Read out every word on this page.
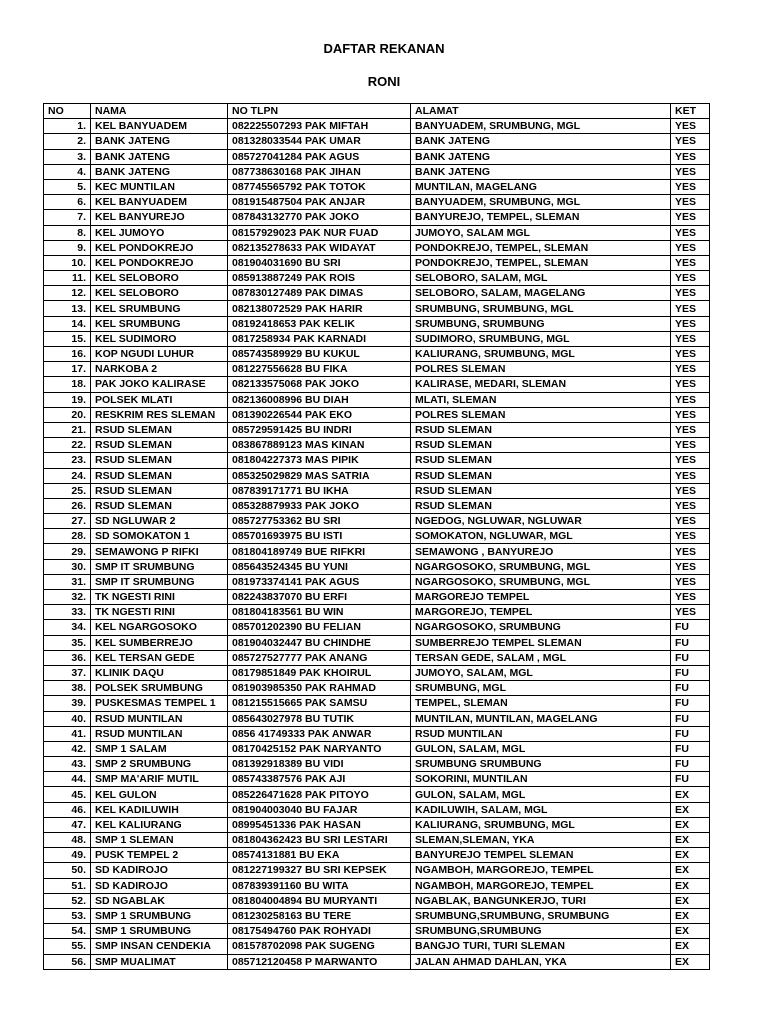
DAFTAR REKANAN
RONI
NO	NAMA	NO TLPN	ALAMAT	KET
1.	KEL BANYUADEM	082225507293 PAK MIFTAH	BANYUADEM, SRUMBUNG, MGL	YES
2.	BANK JATENG	081328033544 PAK UMAR	BANK JATENG	YES
3.	BANK JATENG	085727041284 PAK AGUS	BANK JATENG	YES
4.	BANK JATENG	087738630168 PAK JIHAN	BANK JATENG	YES
5.	KEC MUNTILAN	087745565792 PAK TOTOK	MUNTILAN, MAGELANG	YES
6.	KEL BANYUADEM	081915487504 PAK ANJAR	BANYUADEM, SRUMBUNG, MGL	YES
7.	KEL BANYUREJO	087843132770 PAK JOKO	BANYUREJO, TEMPEL, SLEMAN	YES
8.	KEL JUMOYO	08157929023 PAK NUR FUAD	JUMOYO, SALAM MGL	YES
9.	KEL PONDOKREJO	082135278633 PAK WIDAYAT	PONDOKREJO, TEMPEL, SLEMAN	YES
10.	KEL PONDOKREJO	081904031690 BU SRI	PONDOKREJO, TEMPEL, SLEMAN	YES
11.	KEL SELOBORO	085913887249 PAK ROIS	SELOBORO, SALAM, MGL	YES
12.	KEL SELOBORO	087830127489 PAK DIMAS	SELOBORO, SALAM, MAGELANG	YES
13.	KEL SRUMBUNG	082138072529 PAK HARIR	SRUMBUNG, SRUMBUNG, MGL	YES
14.	KEL SRUMBUNG	08192418653 PAK KELIK	SRUMBUNG, SRUMBUNG	YES
15.	KEL SUDIMORO	0817258934 PAK KARNADI	SUDIMORO, SRUMBUNG, MGL	YES
16.	KOP NGUDI LUHUR	085743589929 BU KUKUL	KALIURANG, SRUMBUNG, MGL	YES
17.	NARKOBA 2	081227556628 BU FIKA	POLRES SLEMAN	YES
18.	PAK JOKO KALIRASE	082133575068 PAK JOKO	KALIRASE, MEDARI, SLEMAN	YES
19.	POLSEK MLATI	082136008996 BU DIAH	MLATI, SLEMAN	YES
20.	RESKRIM RES SLEMAN	081390226544 PAK EKO	POLRES SLEMAN	YES
21.	RSUD SLEMAN	085729591425 BU INDRI	RSUD SLEMAN	YES
22.	RSUD SLEMAN	083867889123 MAS KINAN	RSUD SLEMAN	YES
23.	RSUD SLEMAN	081804227373 MAS PIPIK	RSUD SLEMAN	YES
24.	RSUD SLEMAN	085325029829 MAS SATRIA	RSUD SLEMAN	YES
25.	RSUD SLEMAN	087839171771 BU IKHA	RSUD SLEMAN	YES
26.	RSUD SLEMAN	085328879933 PAK JOKO	RSUD SLEMAN	YES
27.	SD NGLUWAR 2	085727753362 BU SRI	NGEDOG, NGLUWAR, NGLUWAR	YES
28.	SD SOMOKATON 1	085701693975 BU ISTI	SOMOKATON, NGLUWAR, MGL	YES
29.	SEMAWONG P RIFKI	081804189749 BUE RIFKRI	SEMAWONG , BANYUREJO	YES
30.	SMP IT SRUMBUNG	085643524345 BU YUNI	NGARGOSOKO, SRUMBUNG, MGL	YES
31.	SMP IT SRUMBUNG	081973374141 PAK AGUS	NGARGOSOKO, SRUMBUNG, MGL	YES
32.	TK NGESTI RINI	082243837070 BU ERFI	MARGOREJO TEMPEL	YES
33.	TK NGESTI RINI	081804183561 BU WIN	MARGOREJO, TEMPEL	YES
34.	KEL NGARGOSOKO	085701202390 BU FELIAN	NGARGOSOKO, SRUMBUNG	FU
35.	KEL SUMBERREJO	081904032447 BU CHINDHE	SUMBERREJO TEMPEL SLEMAN	FU
36.	KEL TERSAN GEDE	085727527777 PAK ANANG	TERSAN GEDE, SALAM , MGL	FU
37.	KLINIK DAQU	08179851849 PAK KHOIRUL	JUMOYO, SALAM, MGL	FU
38.	POLSEK SRUMBUNG	081903985350 PAK RAHMAD	SRUMBUNG, MGL	FU
39.	PUSKESMAS TEMPEL 1	081215515665 PAK SAMSU	TEMPEL, SLEMAN	FU
40.	RSUD MUNTILAN	085643027978 BU TUTIK	MUNTILAN, MUNTILAN, MAGELANG	FU
41.	RSUD MUNTILAN	0856 41749333 PAK ANWAR	RSUD MUNTILAN	FU
42.	SMP 1 SALAM	08170425152 PAK NARYANTO	GULON, SALAM, MGL	FU
43.	SMP 2 SRUMBUNG	081392918389 BU VIDI	SRUMBUNG SRUMBUNG	FU
44.	SMP MA'ARIF MUTIL	085743387576 PAK AJI	SOKORINI, MUNTILAN	FU
45.	KEL GULON	085226471628 PAK PITOYO	GULON, SALAM, MGL	EX
46.	KEL KADILUWIH	081904003040 BU FAJAR	KADILUWIH, SALAM, MGL	EX
47.	KEL KALIURANG	08995451336 PAK HASAN	KALIURANG, SRUMBUNG, MGL	EX
48.	SMP 1 SLEMAN	081804362423 BU SRI LESTARI	SLEMAN,SLEMAN, YKA	EX
49.	PUSK TEMPEL 2	08574131881 BU EKA	BANYUREJO TEMPEL SLEMAN	EX
50.	SD KADIROJO	081227199327 BU SRI KEPSEK	NGAMBOH, MARGOREJO, TEMPEL	EX
51.	SD KADIROJO	087839391160 BU WITA	NGAMBOH, MARGOREJO, TEMPEL	EX
52.	SD NGABLAK	081804004894 BU MURYANTI	NGABLAK, BANGUNKERJO, TURI	EX
53.	SMP 1 SRUMBUNG	081230258163 BU TERE	SRUMBUNG,SRUMBUNG, SRUMBUNG	EX
54.	SMP 1 SRUMBUNG	08175494760 PAK ROHYADI	SRUMBUNG,SRUMBUNG	EX
55.	SMP INSAN CENDEKIA	081578702098 PAK SUGENG	BANGJO TURI, TURI SLEMAN	EX
56.	SMP MUALIMAT	085712120458 P MARWANTO	JALAN AHMAD DAHLAN, YKA	EX
